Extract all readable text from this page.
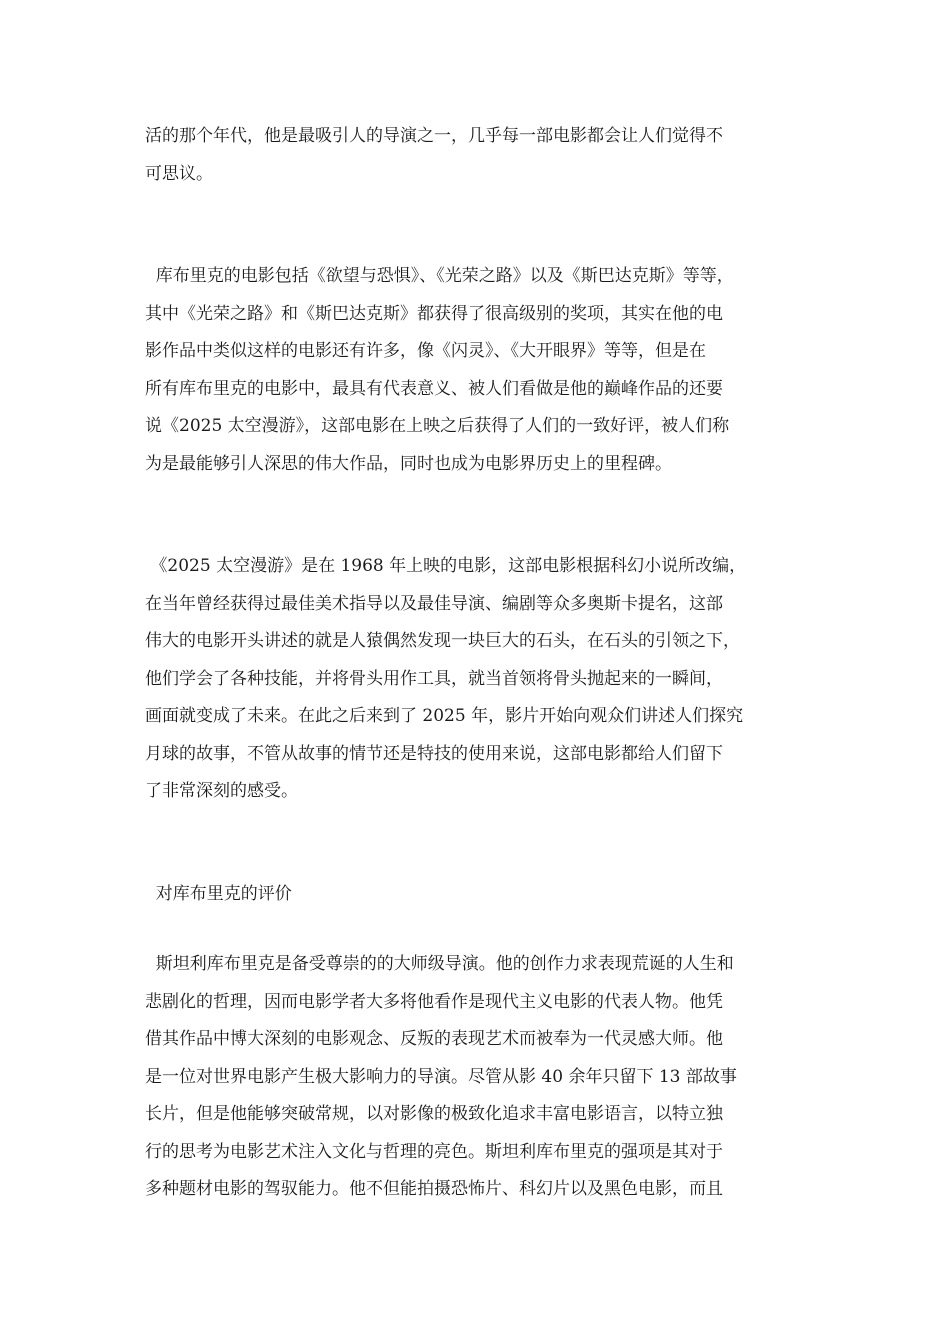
活的那个年代，他是最吸引人的导演之一，几乎每一部电影都会让人们觉得不
可思议。
库布里克的电影包括《欲望与恐惧》、《光荣之路》以及《斯巴达克斯》等等，
其中《光荣之路》和《斯巴达克斯》都获得了很高级别的奖项，其实在他的电
影作品中类似这样的电影还有许多，像《闪灵》、《大开眼界》等等，但是在
所有库布里克的电影中，最具有代表意义、被人们看做是他的巅峰作品的还要
说《2025 太空漫游》，这部电影在上映之后获得了人们的一致好评，被人们称
为是最能够引人深思的伟大作品，同时也成为电影界历史上的里程碑。
《2025 太空漫游》是在 1968 年上映的电影，这部电影根据科幻小说所改编，
在当年曾经获得过最佳美术指导以及最佳导演、编剧等众多奥斯卡提名，这部
伟大的电影开头讲述的就是人猿偶然发现一块巨大的石头，在石头的引领之下，
他们学会了各种技能，并将骨头用作工具，就当首领将骨头抛起来的一瞬间，
画面就变成了未来。在此之后来到了 2025 年，影片开始向观众们讲述人们探究
月球的故事，不管从故事的情节还是特技的使用来说，这部电影都给人们留下
了非常深刻的感受。
对库布里克的评价
斯坦利库布里克是备受尊崇的的大师级导演。他的创作力求表现荒诞的人生和
悲剧化的哲理，因而电影学者大多将他看作是现代主义电影的代表人物。他凭
借其作品中博大深刻的电影观念、反叛的表现艺术而被奉为一代灵感大师。他
是一位对世界电影产生极大影响力的导演。尽管从影 40 余年只留下 13 部故事
长片，但是他能够突破常规，以对影像的极致化追求丰富电影语言，以特立独
行的思考为电影艺术注入文化与哲理的亮色。斯坦利库布里克的强项是其对于
多种题材电影的驾驭能力。他不但能拍摄恐怖片、科幻片以及黑色电影，而且
